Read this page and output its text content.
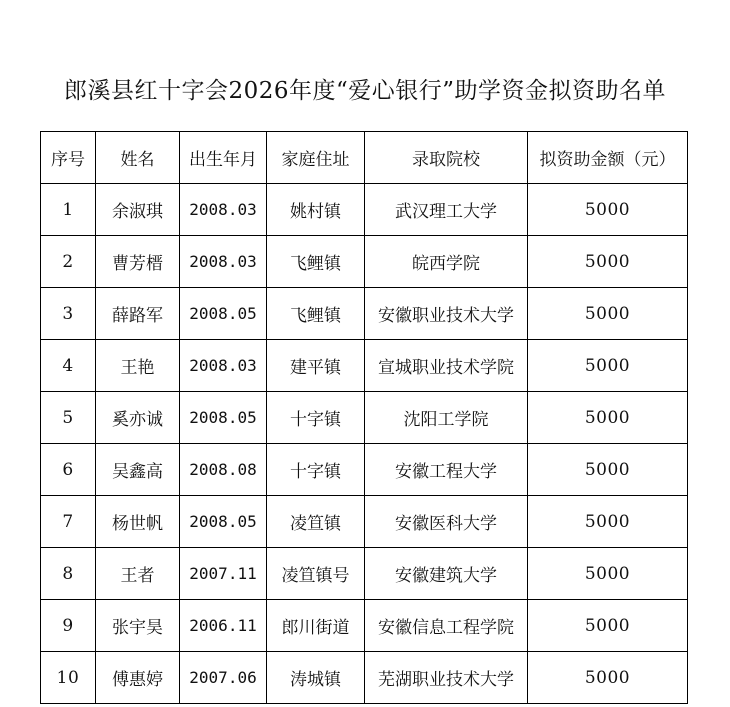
郎溪县红十字会2026年度“爱心银行”助学资金拟资助名单
序号	姓名	出生年月	家庭住址	录取院校	拟资助金额（元）
1	余淑琪	2008.03	姚村镇	武汉理工大学	5000
2	曹芳榗	2008.03	飞鲤镇	皖西学院	5000
3	薛路军	2008.05	飞鲤镇	安徽职业技术大学	5000
4	王艳	2008.03	建平镇	宣城职业技术学院	5000
5	奚亦诚	2008.05	十字镇	沈阳工学院	5000
6	吴鑫高	2008.08	十字镇	安徽工程大学	5000
7	杨世帆	2008.05	凌笪镇	安徽医科大学	5000
8	王者	2007.11	凌笪镇号	安徽建筑大学	5000
9	张宇昊	2006.11	郎川街道	安徽信息工程学院	5000
10	傅惠婷	2007.06	涛城镇	芜湖职业技术大学	5000
